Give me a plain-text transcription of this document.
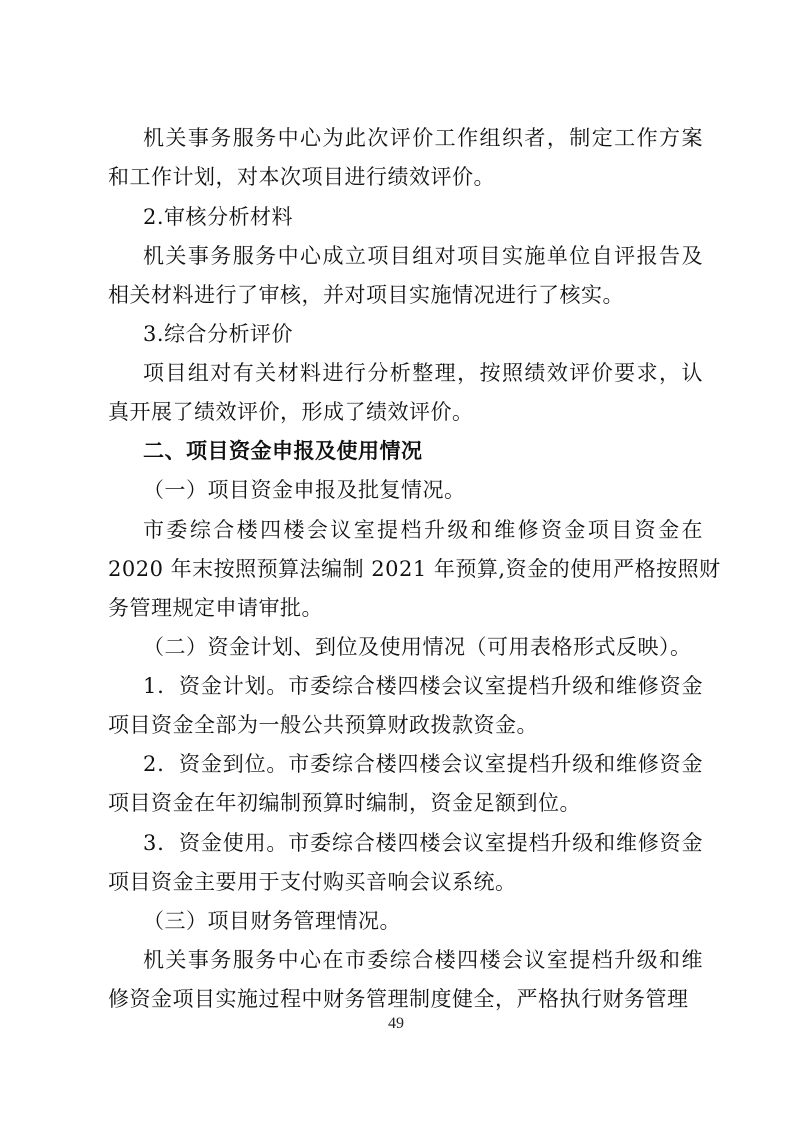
机关事务服务中心为此次评价工作组织者，制定工作方案
和工作计划，对本次项目进行绩效评价。
2.审核分析材料
机关事务服务中心成立项目组对项目实施单位自评报告及
相关材料进行了审核，并对项目实施情况进行了核实。
3.综合分析评价
项目组对有关材料进行分析整理，按照绩效评价要求，认
真开展了绩效评价，形成了绩效评价。
二、项目资金申报及使用情况
（一）项目资金申报及批复情况。
市委综合楼四楼会议室提档升级和维修资金项目资金在
2020 年末按照预算法编制 2021 年预算,资金的使用严格按照财
务管理规定申请审批。
（二）资金计划、到位及使用情况（可用表格形式反映）。
1．资金计划。市委综合楼四楼会议室提档升级和维修资金
项目资金全部为一般公共预算财政拨款资金。
2．资金到位。市委综合楼四楼会议室提档升级和维修资金
项目资金在年初编制预算时编制，资金足额到位。
3．资金使用。市委综合楼四楼会议室提档升级和维修资金
项目资金主要用于支付购买音响会议系统。
（三）项目财务管理情况。
机关事务服务中心在市委综合楼四楼会议室提档升级和维
修资金项目实施过程中财务管理制度健全，严格执行财务管理
49
